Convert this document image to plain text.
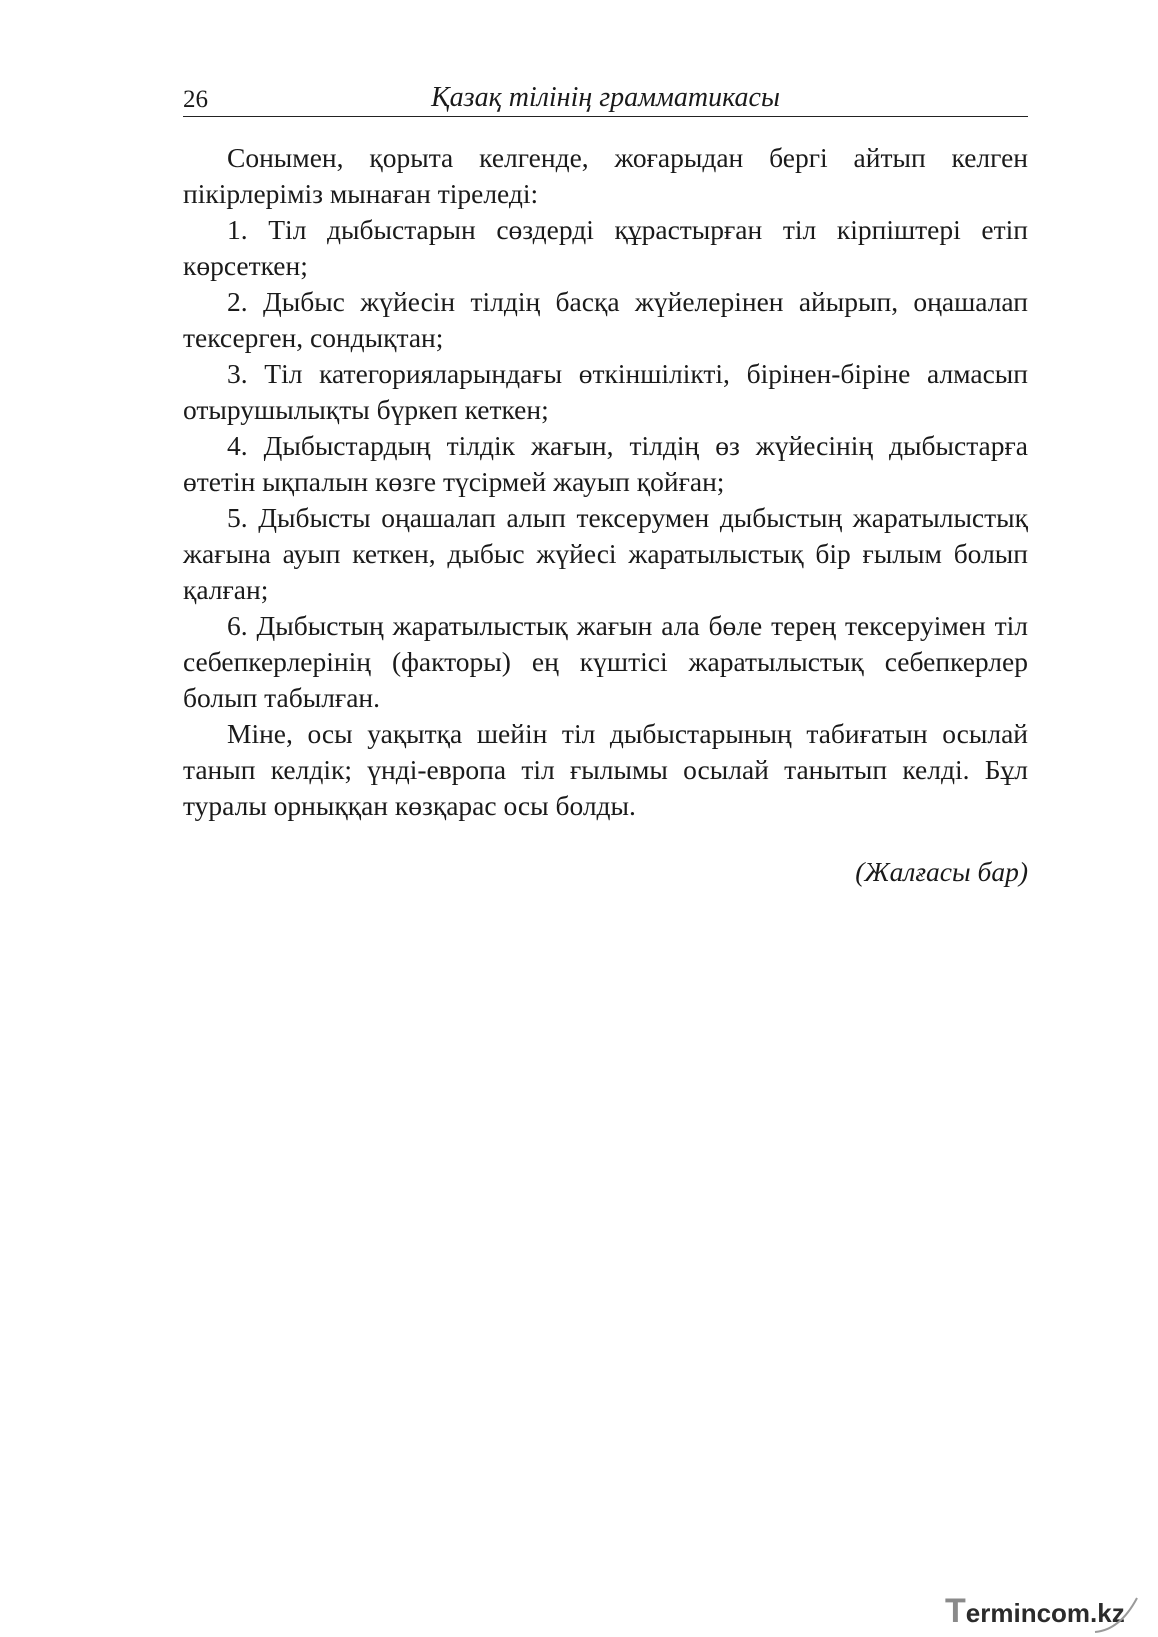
26	Қазақ тілінің грамматикасы

Сонымен, қорыта келгенде, жоғарыдан бергі айтып келген пікірлеріміз мынаған тіреледі:

1. Тіл дыбыстарын сөздерді құрастырған тіл кірпіштері етіп көрсеткен;

2. Дыбыс жүйесін тілдің басқа жүйелерінен айырып, оңашалап тексерген, сондықтан;

3. Тіл категорияларындағы өткіншілікті, бірінен-біріне алмасып отырушылықты бүркеп кеткен;

4. Дыбыстардың тілдік жағын, тілдің өз жүйесінің дыбыстарға өтетін ықпалын көзге түсірмей жауып қойған;

5. Дыбысты оңашалап алып тексерумен дыбыстың жаратылыстық жағына ауып кеткен, дыбыс жүйесі жаратылыстық бір ғылым болып қалған;

6. Дыбыстың жаратылыстық жағын ала бөле терең тексеруімен тіл себепкерлерінің (факторы) ең күштісі жаратылыстық себепкерлер болып табылған.

Міне, осы уақытқа шейін тіл дыбыстарының табиғатын осылай танып келдік; үнді-европа тіл ғылымы осылай танытып келді. Бұл туралы орныққан көзқарас осы болды.

(Жалғасы бар)
Termincom.kz
